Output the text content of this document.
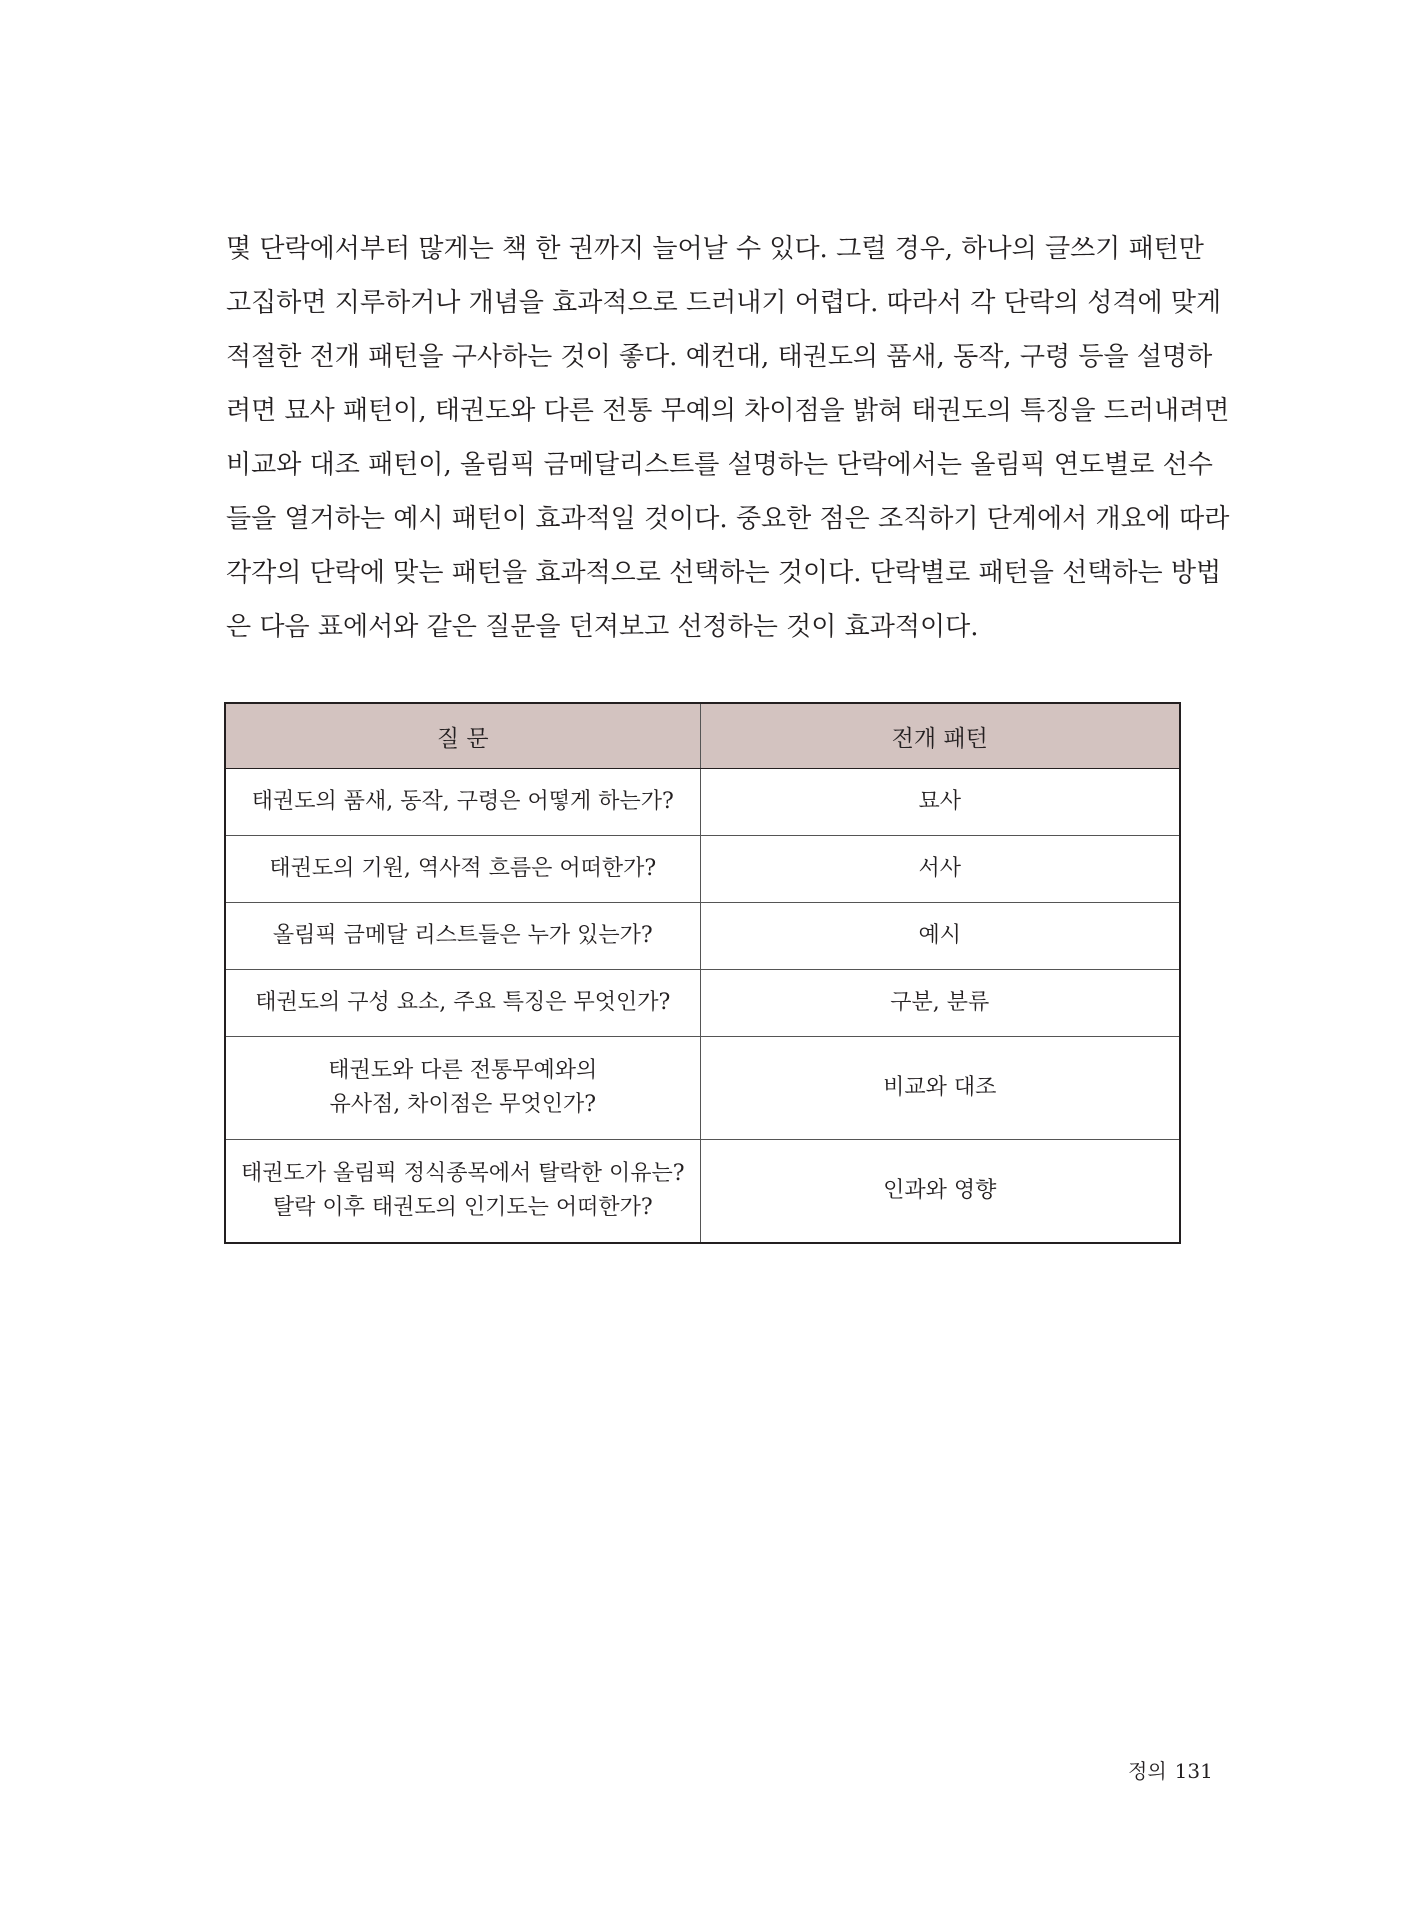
몇 단락에서부터 많게는 책 한 권까지 늘어날 수 있다. 그럴 경우, 하나의 글쓰기 패턴만
고집하면 지루하거나 개념을 효과적으로 드러내기 어렵다. 따라서 각 단락의 성격에 맞게
적절한 전개 패턴을 구사하는 것이 좋다. 예컨대, 태권도의 품새, 동작, 구령 등을 설명하
려면 묘사 패턴이, 태권도와 다른 전통 무예의 차이점을 밝혀 태권도의 특징을 드러내려면
비교와 대조 패턴이, 올림픽 금메달리스트를 설명하는 단락에서는 올림픽 연도별로 선수
들을 열거하는 예시 패턴이 효과적일 것이다. 중요한 점은 조직하기 단계에서 개요에 따라
각각의 단락에 맞는 패턴을 효과적으로 선택하는 것이다. 단락별로 패턴을 선택하는 방법
은 다음 표에서와 같은 질문을 던져보고 선정하는 것이 효과적이다.
질 문	전개 패턴

태권도의 품새, 동작, 구령은 어떻게 하는가?	묘사

태권도의 기원, 역사적 흐름은 어떠한가?	서사

올림픽 금메달 리스트들은 누가 있는가?	예시

태권도의 구성 요소, 주요 특징은 무엇인가?	구분, 분류

태권도와 다른 전통무예와의
유사점, 차이점은 무엇인가?	비교와 대조

태권도가 올림픽 정식종목에서 탈락한 이유는?
탈락 이후 태권도의 인기도는 어떠한가?	인과와 영향
정의 131
